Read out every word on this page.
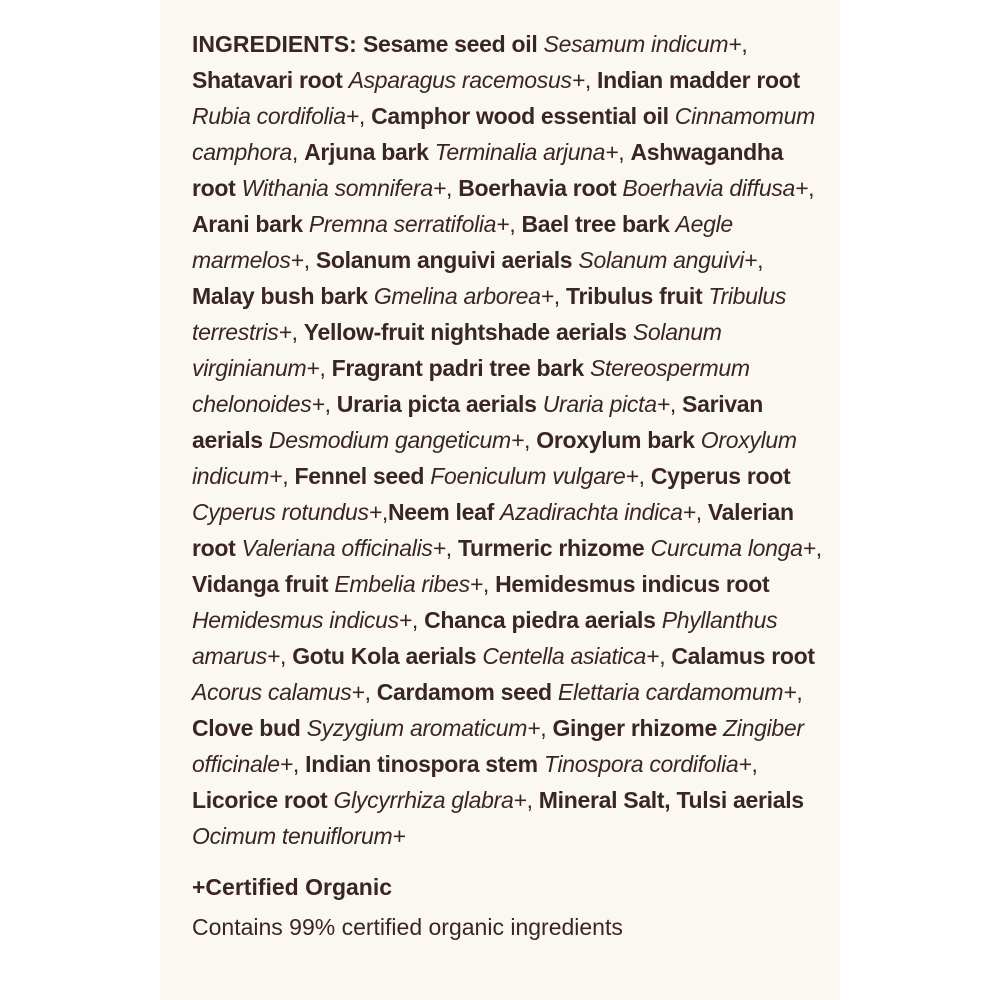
INGREDIENTS: Sesame seed oil Sesamum indicum+, Shatavari root Asparagus racemosus+, Indian madder root Rubia cordifolia+, Camphor wood essential oil Cinnamomum camphora, Arjuna bark Terminalia arjuna+, Ashwagandha root Withania somnifera+, Boerhavia root Boerhavia diffusa+, Arani bark Premna serratifolia+, Bael tree bark Aegle marmelos+, Solanum anguivi aerials Solanum anguivi+, Malay bush bark Gmelina arborea+, Tribulus fruit Tribulus terrestris+, Yellow-fruit nightshade aerials Solanum virginianum+, Fragrant padri tree bark Stereospermum chelonoides+, Uraria picta aerials Uraria picta+, Sarivan aerials Desmodium gangeticum+, Oroxylum bark Oroxylum indicum+, Fennel seed Foeniculum vulgare+, Cyperus root Cyperus rotundus+,Neem leaf Azadirachta indica+, Valerian root Valeriana officinalis+, Turmeric rhizome Curcuma longa+, Vidanga fruit Embelia ribes+, Hemidesmus indicus root Hemidesmus indicus+, Chanca piedra aerials Phyllanthus amarus+, Gotu Kola aerials Centella asiatica+, Calamus root Acorus calamus+, Cardamom seed Elettaria cardamomum+, Clove bud Syzygium aromaticum+, Ginger rhizome Zingiber officinale+, Indian tinospora stem Tinospora cordifolia+, Licorice root Glycyrrhiza glabra+, Mineral Salt, Tulsi aerials Ocimum tenuiflorum+

+Certified Organic

Contains 99% certified organic ingredients
